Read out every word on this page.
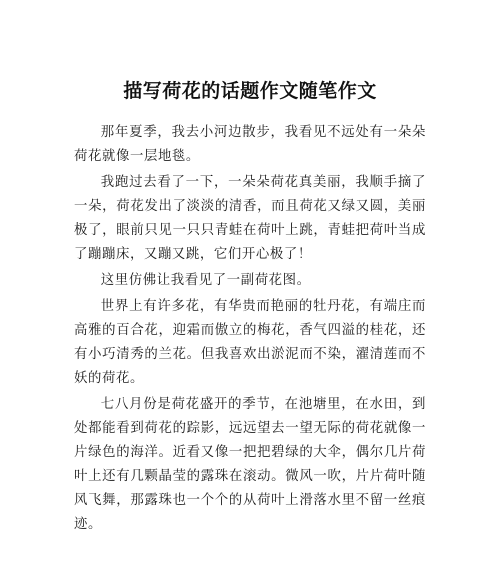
描写荷花的话题作文随笔作文

那年夏季，我去小河边散步，我看见不远处有一朵朵荷花就像一层地毯。

我跑过去看了一下，一朵朵荷花真美丽，我顺手摘了一朵，荷花发出了淡淡的清香，而且荷花又绿又圆，美丽极了，眼前只见一只只青蛙在荷叶上跳，青蛙把荷叶当成了蹦蹦床，又蹦又跳，它们开心极了！

这里仿佛让我看见了一副荷花图。

世界上有许多花，有华贵而艳丽的牡丹花，有端庄而高雅的百合花，迎霜而傲立的梅花，香气四溢的桂花，还有小巧清秀的兰花。但我喜欢出淤泥而不染，濯清莲而不妖的荷花。

七八月份是荷花盛开的季节，在池塘里，在水田，到处都能看到荷花的踪影，远远望去一望无际的荷花就像一片绿色的海洋。近看又像一把把碧绿的大伞，偶尔几片荷叶上还有几颗晶莹的露珠在滚动。微风一吹，片片荷叶随风飞舞，那露珠也一个个的从荷叶上滑落水里不留一丝痕迹。
